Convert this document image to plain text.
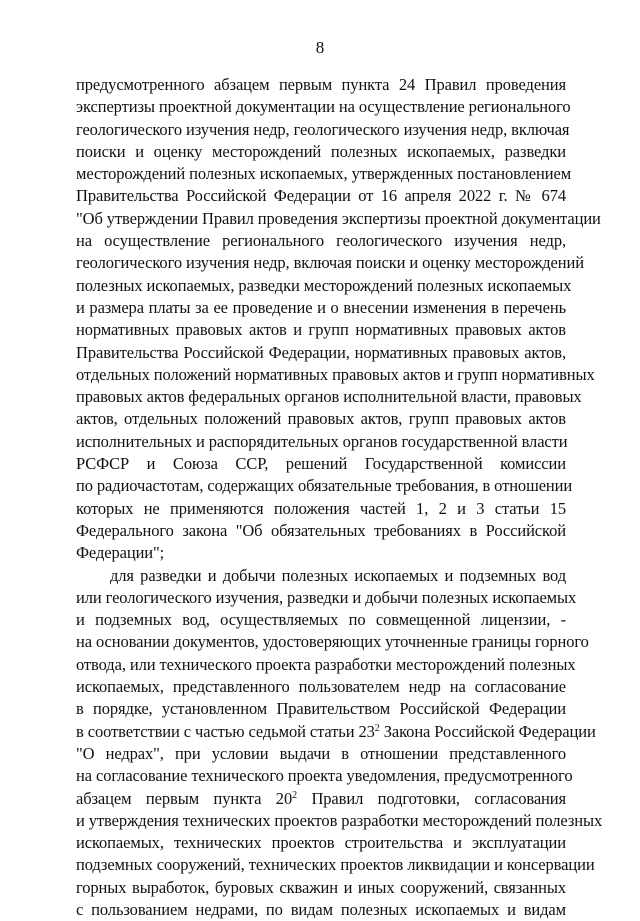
8
предусмотренного абзацем первым пункта 24 Правил проведения
экспертизы проектной документации на осуществление регионального
геологического изучения недр, геологического изучения недр, включая
поиски и оценку месторождений полезных ископаемых, разведки
месторождений полезных ископаемых, утвержденных постановлением
Правительства Российской Федерации от 16 апреля 2022 г. № 674
"Об утверждении Правил проведения экспертизы проектной документации
на осуществление регионального геологического изучения недр,
геологического изучения недр, включая поиски и оценку месторождений
полезных ископаемых, разведки месторождений полезных ископаемых
и размера платы за ее проведение и о внесении изменения в перечень
нормативных правовых актов и групп нормативных правовых актов
Правительства Российской Федерации, нормативных правовых актов,
отдельных положений нормативных правовых актов и групп нормативных
правовых актов федеральных органов исполнительной власти, правовых
актов, отдельных положений правовых актов, групп правовых актов
исполнительных и распорядительных органов государственной власти
РСФСР и Союза ССР, решений Государственной комиссии
по радиочастотам, содержащих обязательные требования, в отношении
которых не применяются положения частей 1, 2 и 3 статьи 15
Федерального закона "Об обязательных требованиях в Российской
Федерации";
для разведки и добычи полезных ископаемых и подземных вод
или геологического изучения, разведки и добычи полезных ископаемых
и подземных вод, осуществляемых по совмещенной лицензии, -
на основании документов, удостоверяющих уточненные границы горного
отвода, или технического проекта разработки месторождений полезных
ископаемых, представленного пользователем недр на согласование
в порядке, установленном Правительством Российской Федерации
в соответствии с частью седьмой статьи $23^2$ Закона Российской Федерации
"О недрах", при условии выдачи в отношении представленного
на согласование технического проекта уведомления, предусмотренного
абзацем первым пункта $20^2$ Правил подготовки, согласования
и утверждения технических проектов разработки месторождений полезных
ископаемых, технических проектов строительства и эксплуатации
подземных сооружений, технических проектов ликвидации и консервации
горных выработок, буровых скважин и иных сооружений, связанных
с пользованием недрами, по видам полезных ископаемых и видам
